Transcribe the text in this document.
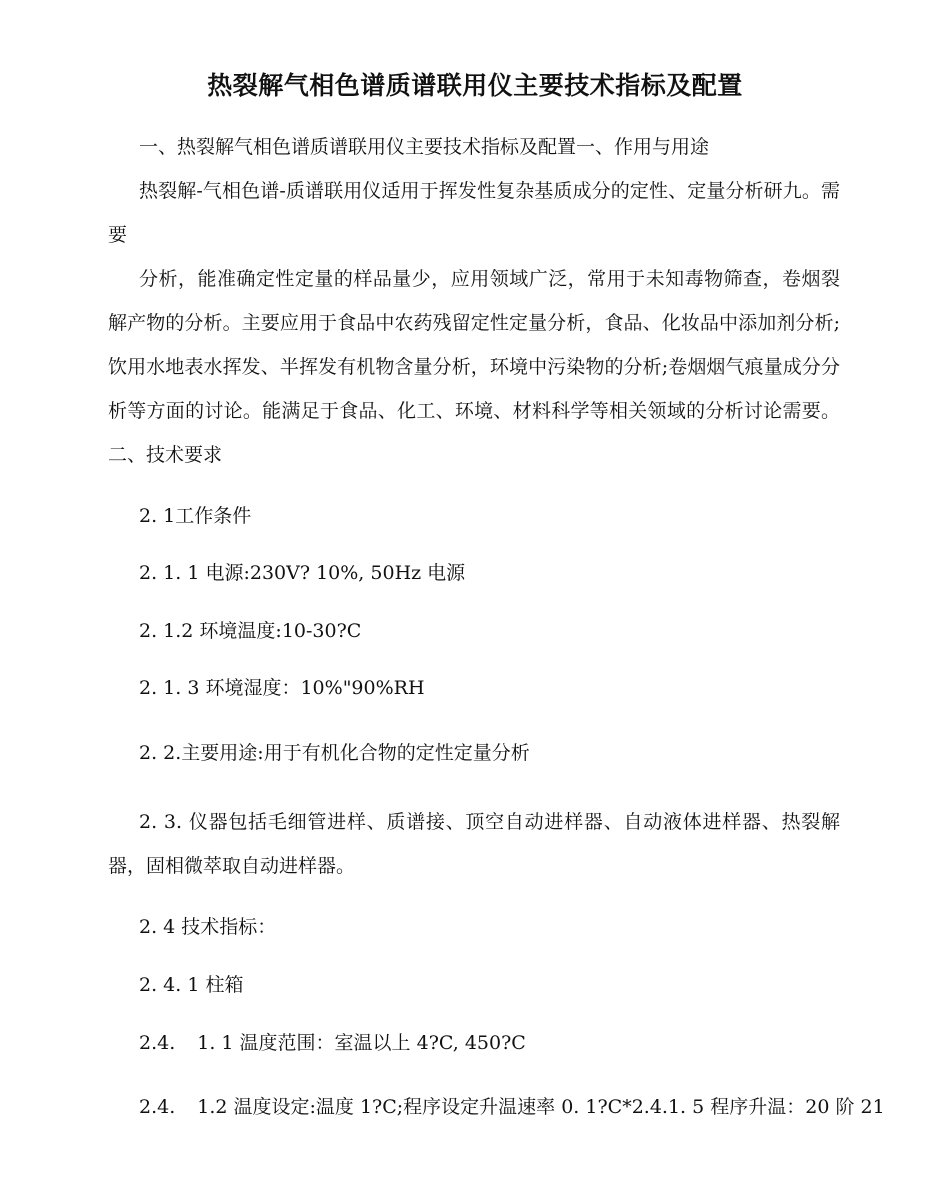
热裂解气相色谱质谱联用仪主要技术指标及配置

一、热裂解气相色谱质谱联用仪主要技术指标及配置一、作用与用途

热裂解-气相色谱-质谱联用仪适用于挥发性复杂基质成分的定性、定量分析研九。需要

分析，能准确定性定量的样品量少，应用领域广泛，常用于未知毒物筛查，卷烟裂解产物的分析。主要应用于食品中农药残留定性定量分析，食品、化妆品中添加剂分析;饮用水地表水挥发、半挥发有机物含量分析，环境中污染物的分析;卷烟烟气痕量成分分析等方面的讨论。能满足于食品、化工、环境、材料科学等相关领域的分析讨论需要。二、技术要求

2. 1工作条件

2. 1. 1 电源:230V? 10%, 50Hz 电源

2. 1.2 环境温度:10-30?C

2. 1. 3 环境湿度：10%"90%RH

2. 2.主要用途:用于有机化合物的定性定量分析

2. 3. 仪器包括毛细管进样、质谱接、顶空自动进样器、自动液体进样器、热裂解器，固相微萃取自动进样器。

2. 4 技术指标：

2. 4. 1 柱箱

2.4. 1. 1 温度范围：室温以上 4?C, 450?C

2.4. 1.2 温度设定:温度 1?C;程序设定升温速率 0. 1?C*2.4.1. 5 程序升温：20 阶 21
